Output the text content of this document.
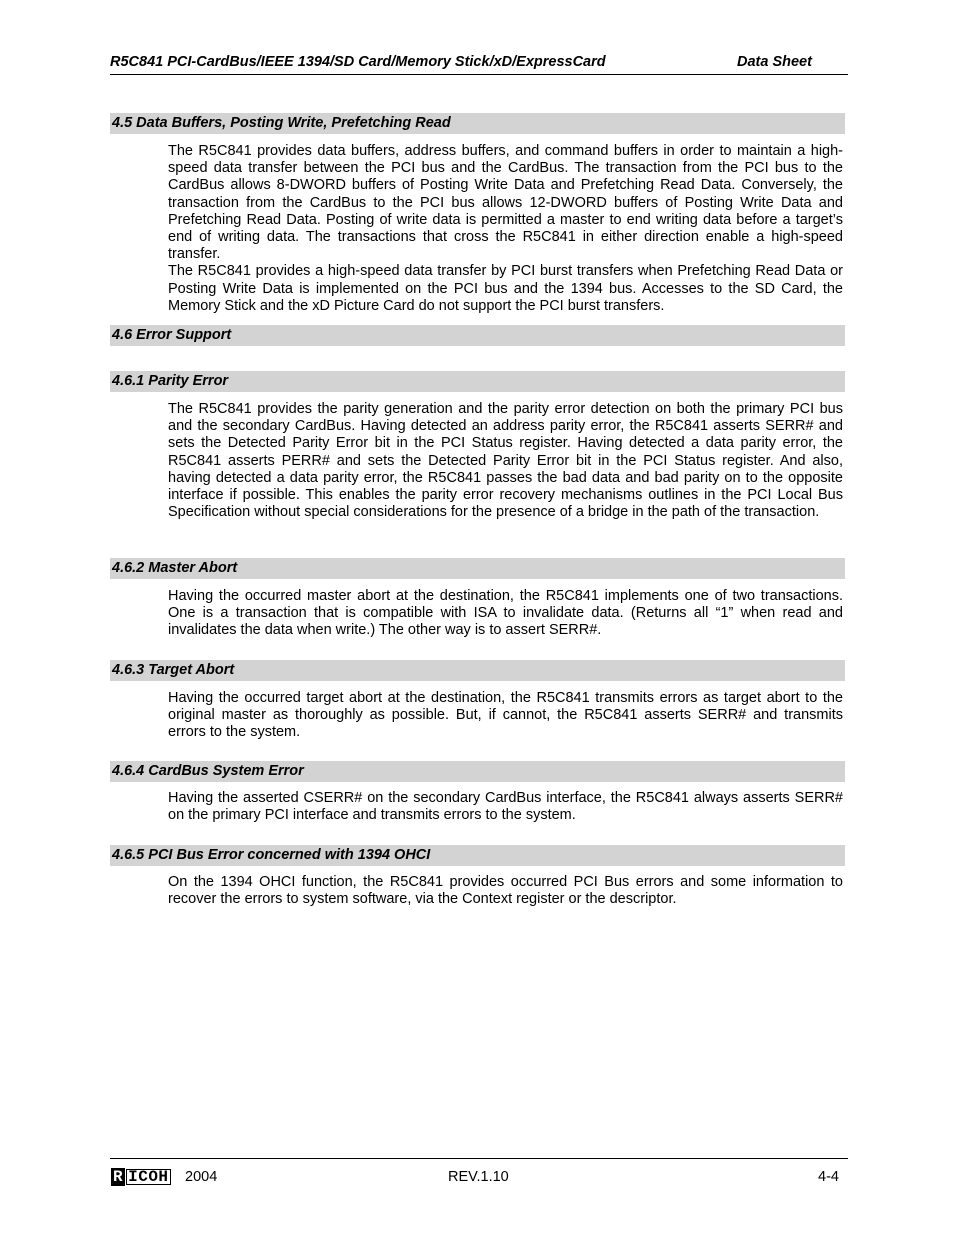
R5C841 PCI-CardBus/IEEE 1394/SD Card/Memory Stick/xD/ExpressCard	Data Sheet
4.5 Data Buffers, Posting Write, Prefetching Read

The R5C841 provides data buffers, address buffers, and command buffers in order to maintain a high-speed data transfer between the PCI bus and the CardBus. The transaction from the PCI bus to the CardBus allows 8-DWORD buffers of Posting Write Data and Prefetching Read Data. Conversely, the transaction from the CardBus to the PCI bus allows 12-DWORD buffers of Posting Write Data and Prefetching Read Data. Posting of write data is permitted a master to end writing data before a target’s end of writing data. The transactions that cross the R5C841 in either direction enable a high-speed transfer.

The R5C841 provides a high-speed data transfer by PCI burst transfers when Prefetching Read Data or Posting Write Data is implemented on the PCI bus and the 1394 bus. Accesses to the SD Card, the Memory Stick and the xD Picture Card do not support the PCI burst transfers.

4.6 Error Support
4.6.1 Parity Error

The R5C841 provides the parity generation and the parity error detection on both the primary PCI bus and the secondary CardBus. Having detected an address parity error, the R5C841 asserts SERR# and sets the Detected Parity Error bit in the PCI Status register. Having detected a data parity error, the R5C841 asserts PERR# and sets the Detected Parity Error bit in the PCI Status register. And also, having detected a data parity error, the R5C841 passes the bad data and bad parity on to the opposite interface if possible. This enables the parity error recovery mechanisms outlines in the PCI Local Bus Specification without special considerations for the presence of a bridge in the path of the transaction.

4.6.2 Master Abort

Having the occurred master abort at the destination, the R5C841 implements one of two transactions. One is a transaction that is compatible with ISA to invalidate data. (Returns all “1” when read and invalidates the data when write.) The other way is to assert SERR#.

4.6.3 Target Abort

Having the occurred target abort at the destination, the R5C841 transmits errors as target abort to the original master as thoroughly as possible. But, if cannot, the R5C841 asserts SERR# and transmits errors to the system.

4.6.4 CardBus System Error

Having the asserted CSERR# on the secondary CardBus interface, the R5C841 always asserts SERR# on the primary PCI interface and transmits errors to the system.

4.6.5 PCI Bus Error concerned with 1394 OHCI

On the 1394 OHCI function, the R5C841 provides occurred PCI Bus errors and some information to recover the errors to system software, via the Context register or the descriptor.

R ICOH 2004	REV.1.10	4-4
